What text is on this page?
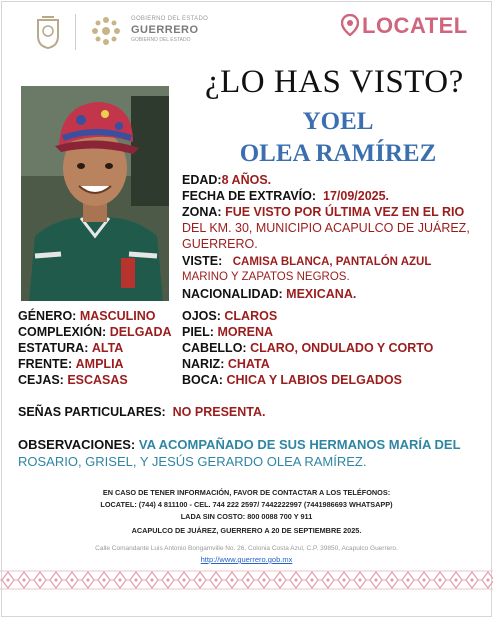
GOBIERNO DEL ESTADO
GUERRERO
GOBIERNO DEL ESTADO
LOCATEL
¿LO HAS VISTO?
YOEL
OLEA RAMÍREZ
EDAD:8 AÑOS.
FECHA DE EXTRAVÍO: 17/09/2025.
ZONA: FUE VISTO POR ÚLTIMA VEZ EN EL RIO
DEL KM. 30, MUNICIPIO ACAPULCO DE JUÁREZ,
GUERRERO.
VISTE: CAMISA BLANCA, PANTALÓN AZUL
MARINO Y ZAPATOS NEGROS.
NACIONALIDAD: MEXICANA.
GÉNERO: MASCULINO
COMPLEXIÓN: DELGADA
ESTATURA: ALTA
FRENTE: AMPLIA
CEJAS: ESCASAS
OJOS: CLAROS
PIEL: MORENA
CABELLO: CLARO, ONDULADO Y CORTO
NARIZ: CHATA
BOCA: CHICA Y LABIOS DELGADOS
SEÑAS PARTICULARES: NO PRESENTA.
OBSERVACIONES: VA ACOMPAÑADO DE SUS HERMANOS MARÍA DEL
ROSARIO, GRISEL, Y JESÚS GERARDO OLEA RAMÍREZ.
EN CASO DE TENER INFORMACIÓN, FAVOR DE CONTACTAR A LOS TELÉFONOS:
LOCATEL: (744) 4 811100 - CEL. 744 222 2597/ 7442222997 (7441986693 WHATSAPP)
LADA SIN COSTO: 800 0088 700 Y 911
ACAPULCO DE JUÁREZ, GUERRERO A 20 DE SEPTIEMBRE 2025.
Calle Comandante Luis Antonio Bongamville No. 26, Colonia Costa Azul, C.P. 39850, Acapulco Guerrero.
http://www.guerrero.gob.mx
